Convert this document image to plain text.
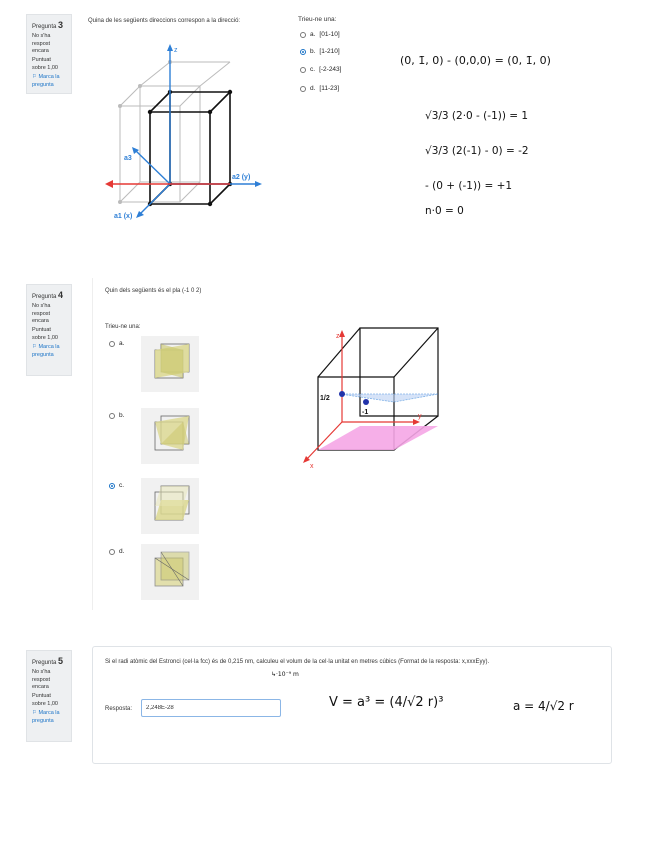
Pregunta 3
No s'ha respost encara
Puntuat sobre 1,00
⚐ Marca la pregunta
Quina de les següents direccions correspon a la direcció:
z
a2 (y)
a3
a1 (x)
Trieu-ne una:
a. [01-10]
b. [1-210]
c. [-2-243]
d. [11-23]
(0, 1̄, 0) - (0,0,0) = (0, 1̄, 0)
√3/3 (2·0 - (-1)) = 1
√3/3 (2(-1) - 0) = -2
- (0 + (-1)) = +1
n·0 = 0
Pregunta 4
No s'ha respost encara
Puntuat sobre 1,00
⚐ Marca la pregunta
Quin dels següents és el pla (-1 0 2)
Trieu-ne una:
a.
b.
c.
d.
z
y
x
1/2
-1
Pregunta 5
No s'ha respost encara
Puntuat sobre 1,00
⚐ Marca la pregunta
Si el radi atòmic del Estronci (cel·la fcc) és de 0,215 nm, calculeu el volum de la cel·la unitat en metres cúbics (Format de la resposta: x,xxxEyy).
↳·10⁻⁹ m
Resposta:
2,248E-28	V = a³ = (4/√2 r)³	a = 4/√2 r
